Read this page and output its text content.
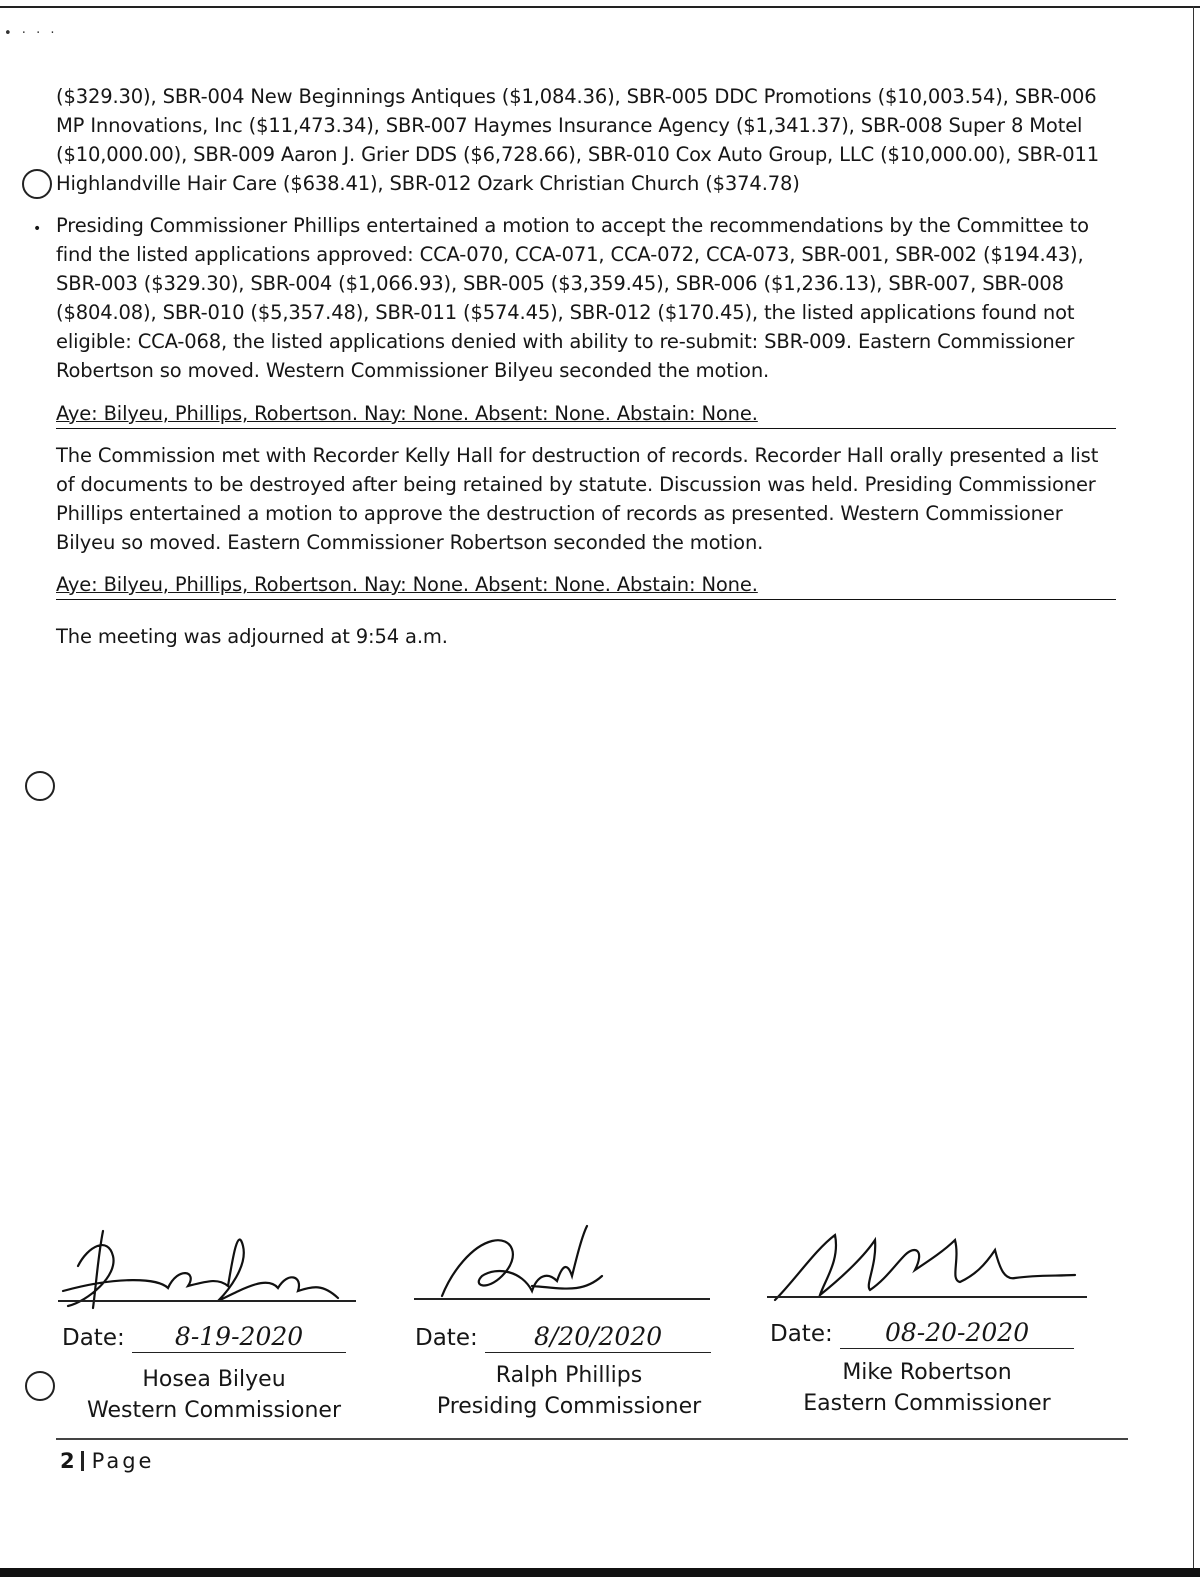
• · · ·

($329.30), SBR-004 New Beginnings Antiques ($1,084.36), SBR-005 DDC Promotions ($10,003.54), SBR-006 MP Innovations, Inc ($11,473.34), SBR-007 Haymes Insurance Agency ($1,341.37), SBR-008 Super 8 Motel ($10,000.00), SBR-009 Aaron J. Grier DDS ($6,728.66), SBR-010 Cox Auto Group, LLC ($10,000.00), SBR-011 Highlandville Hair Care ($638.41), SBR-012 Ozark Christian Church ($374.78)

• Presiding Commissioner Phillips entertained a motion to accept the recommendations by the Committee to find the listed applications approved: CCA-070, CCA-071, CCA-072, CCA-073, SBR-001, SBR-002 ($194.43), SBR-003 ($329.30), SBR-004 ($1,066.93), SBR-005 ($3,359.45), SBR-006 ($1,236.13), SBR-007, SBR-008 ($804.08), SBR-010 ($5,357.48), SBR-011 ($574.45), SBR-012 ($170.45), the listed applications found not eligible: CCA-068, the listed applications denied with ability to re-submit: SBR-009. Eastern Commissioner Robertson so moved. Western Commissioner Bilyeu seconded the motion.

Aye: Bilyeu, Phillips, Robertson. Nay: None. Absent: None. Abstain: None.

The Commission met with Recorder Kelly Hall for destruction of records. Recorder Hall orally presented a list of documents to be destroyed after being retained by statute. Discussion was held. Presiding Commissioner Phillips entertained a motion to approve the destruction of records as presented. Western Commissioner Bilyeu so moved. Eastern Commissioner Robertson seconded the motion.

Aye: Bilyeu, Phillips, Robertson. Nay: None. Absent: None. Abstain: None.

The meeting was adjourned at 9:54 a.m.

Date: 8-19-2020
Hosea Bilyeu
Western Commissioner
Date: 8/20/2020
Ralph Phillips
Presiding Commissioner
Date: 08-20-2020
Mike Robertson
Eastern Commissioner
2 Page
